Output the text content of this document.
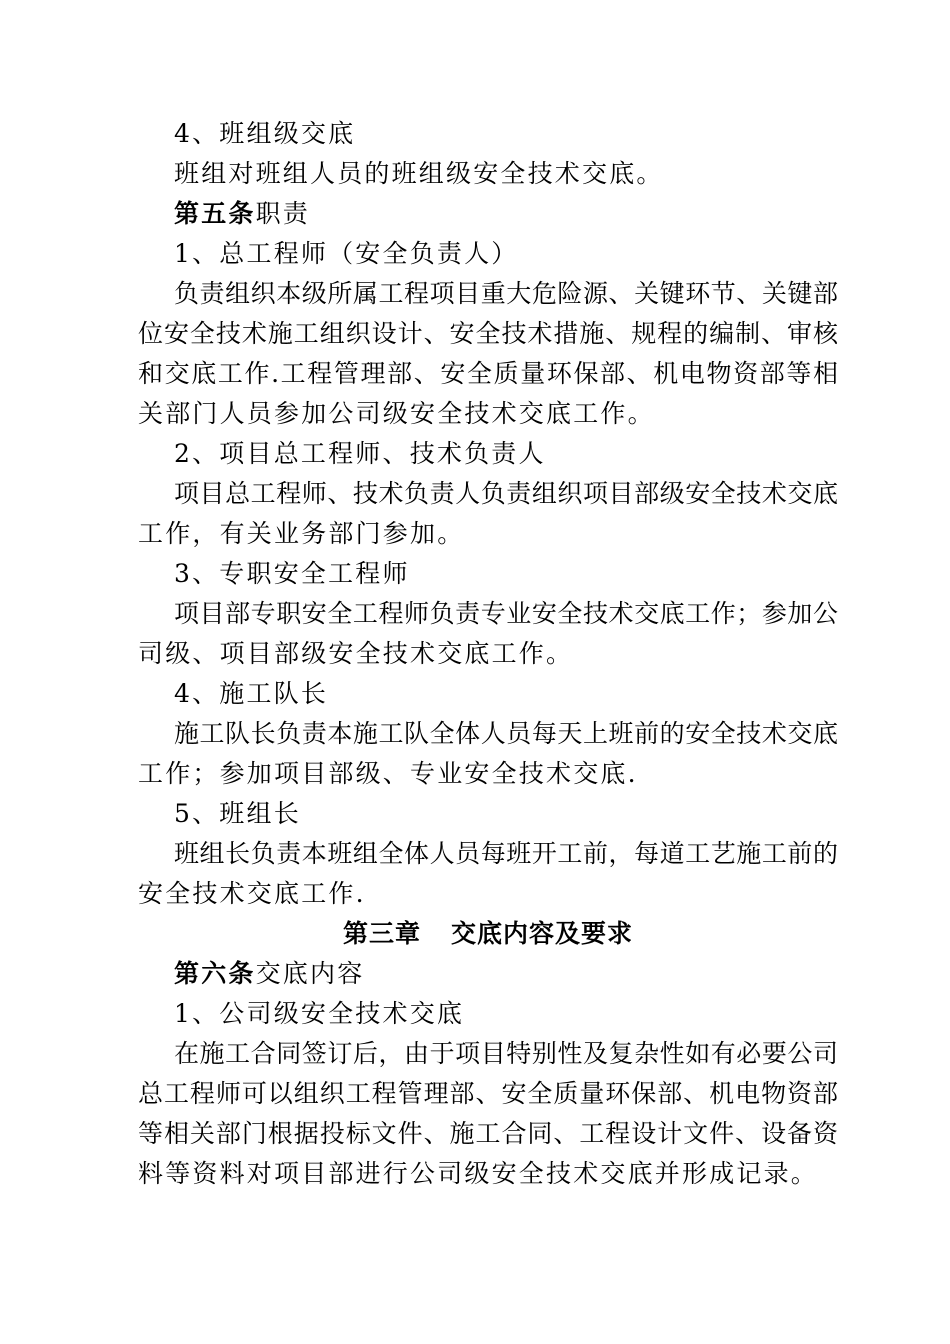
4、班组级交底
班组对班组人员的班组级安全技术交底。
第五条职责
1、总工程师（安全负责人）
负责组织本级所属工程项目重大危险源、关键环节、关键部
位安全技术施工组织设计、安全技术措施、规程的编制、审核
和交底工作.工程管理部、安全质量环保部、机电物资部等相
关部门人员参加公司级安全技术交底工作。
2、项目总工程师、技术负责人
项目总工程师、技术负责人负责组织项目部级安全技术交底
工作，有关业务部门参加。
3、专职安全工程师
项目部专职安全工程师负责专业安全技术交底工作；参加公
司级、项目部级安全技术交底工作。
4、施工队长
施工队长负责本施工队全体人员每天上班前的安全技术交底
工作；参加项目部级、专业安全技术交底.
5、班组长
班组长负责本班组全体人员每班开工前，每道工艺施工前的
安全技术交底工作.
第三章 交底内容及要求
第六条交底内容
1、公司级安全技术交底
在施工合同签订后，由于项目特别性及复杂性如有必要公司
总工程师可以组织工程管理部、安全质量环保部、机电物资部
等相关部门根据投标文件、施工合同、工程设计文件、设备资
料等资料对项目部进行公司级安全技术交底并形成记录。
